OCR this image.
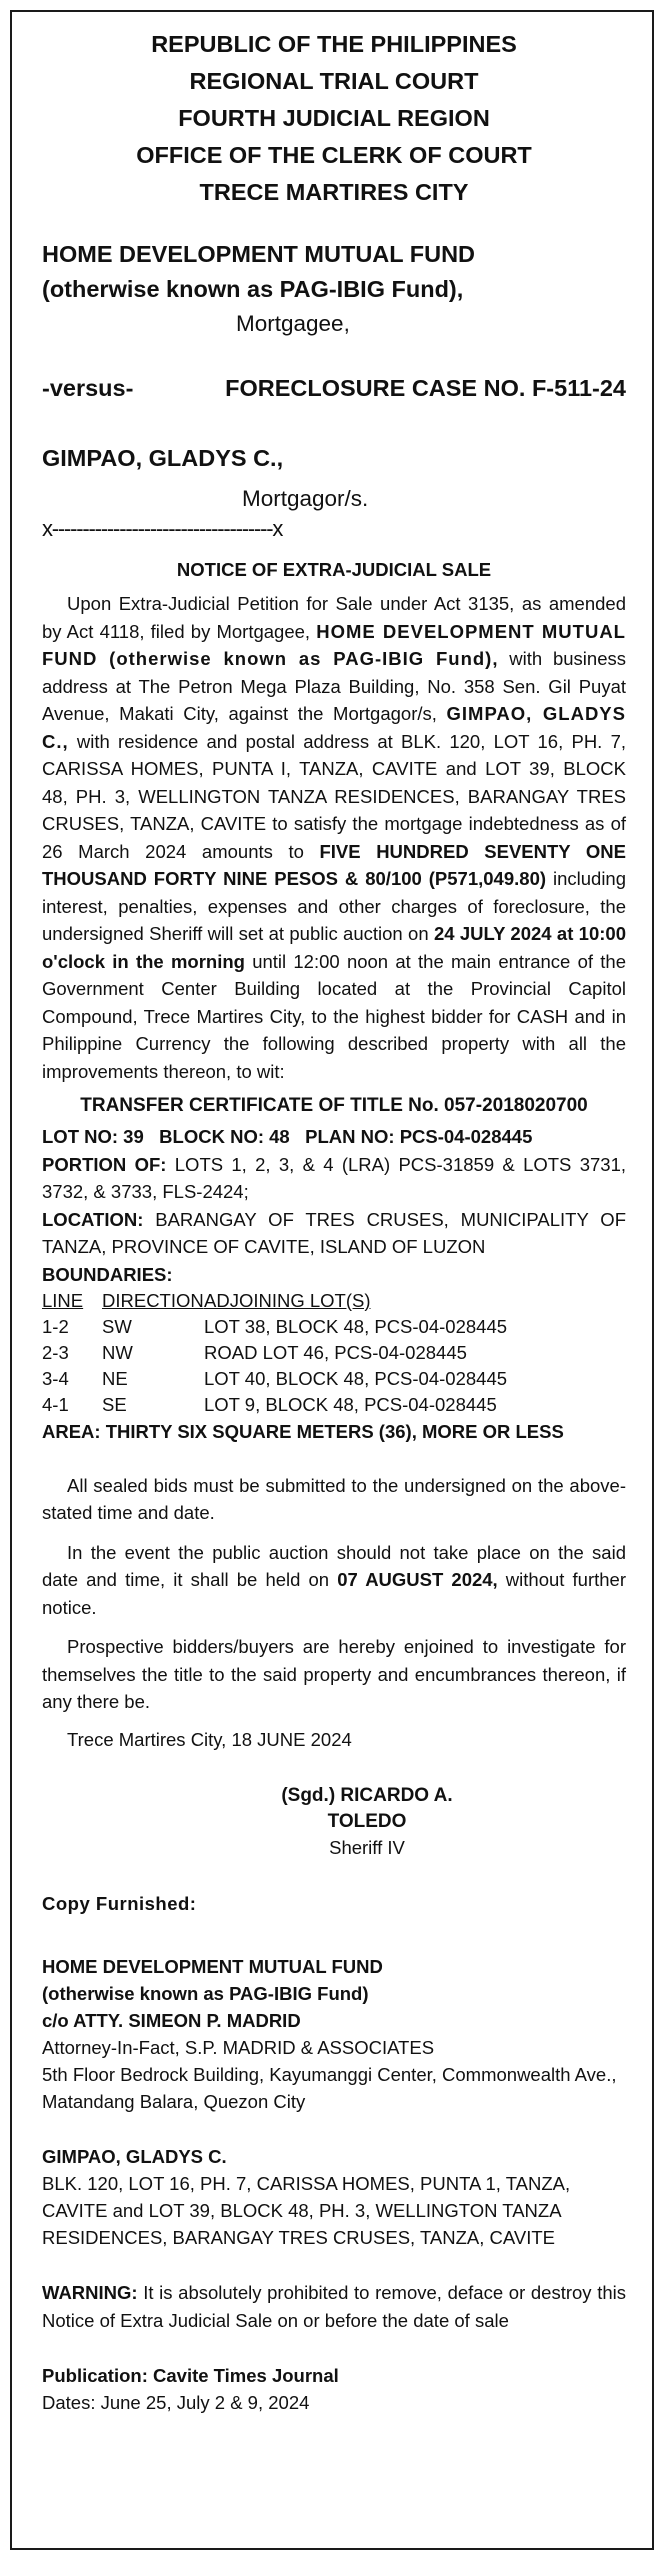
REPUBLIC OF THE PHILIPPINES
REGIONAL TRIAL COURT
FOURTH JUDICIAL REGION
OFFICE OF THE CLERK OF COURT
TRECE MARTIRES CITY
HOME DEVELOPMENT MUTUAL FUND
(otherwise known as PAG-IBIG Fund),
Mortgagee,
-versus-	FORECLOSURE CASE NO. F-511-24
GIMPAO, GLADYS C.,
Mortgagor/s.
x------------------------------------x
NOTICE OF EXTRA-JUDICIAL SALE
Upon Extra-Judicial Petition for Sale under Act 3135, as amended by Act 4118, filed by Mortgagee, HOME DEVELOPMENT MUTUAL FUND (otherwise known as PAG-IBIG Fund), with business address at The Petron Mega Plaza Building, No. 358 Sen. Gil Puyat Avenue, Makati City, against the Mortgagor/s, GIMPAO, GLADYS C., with residence and postal address at BLK. 120, LOT 16, PH. 7, CARISSA HOMES, PUNTA I, TANZA, CAVITE and LOT 39, BLOCK 48, PH. 3, WELLINGTON TANZA RESIDENCES, BARANGAY TRES CRUSES, TANZA, CAVITE to satisfy the mortgage indebtedness as of 26 March 2024 amounts to FIVE HUNDRED SEVENTY ONE THOUSAND FORTY NINE PESOS & 80/100 (P571,049.80) including interest, penalties, expenses and other charges of foreclosure, the undersigned Sheriff will set at public auction on 24 JULY 2024 at 10:00 o'clock in the morning until 12:00 noon at the main entrance of the Government Center Building located at the Provincial Capitol Compound, Trece Martires City, to the highest bidder for CASH and in Philippine Currency the following described property with all the improvements thereon, to wit:
TRANSFER CERTIFICATE OF TITLE No. 057-2018020700
LOT NO: 39   BLOCK NO: 48   PLAN NO: PCS-04-028445
PORTION OF: LOTS 1, 2, 3, & 4 (LRA) PCS-31859 & LOTS 3731, 3732, & 3733, FLS-2424;
LOCATION: BARANGAY OF TRES CRUSES, MUNICIPALITY OF TANZA, PROVINCE OF CAVITE, ISLAND OF LUZON
BOUNDARIES:
LINE	DIRECTION	ADJOINING LOT(S)
1-2	SW	LOT 38, BLOCK 48, PCS-04-028445
2-3	NW	ROAD LOT 46, PCS-04-028445
3-4	NE	LOT 40, BLOCK 48, PCS-04-028445
4-1	SE	LOT 9, BLOCK 48, PCS-04-028445
AREA: THIRTY SIX SQUARE METERS (36), MORE OR LESS
All sealed bids must be submitted to the undersigned on the above-stated time and date.
In the event the public auction should not take place on the said date and time, it shall be held on 07 AUGUST 2024, without further notice.
Prospective bidders/buyers are hereby enjoined to investigate for themselves the title to the said property and encumbrances thereon, if any there be.
Trece Martires City, 18 JUNE 2024
(Sgd.) RICARDO A. TOLEDO
Sheriff IV
Copy Furnished:
HOME DEVELOPMENT MUTUAL FUND
(otherwise known as PAG-IBIG Fund)
c/o ATTY. SIMEON P. MADRID
Attorney-In-Fact, S.P. MADRID & ASSOCIATES
5th Floor Bedrock Building, Kayumanggi Center, Commonwealth Ave., Matandang Balara, Quezon City
GIMPAO, GLADYS C.
BLK. 120, LOT 16, PH. 7, CARISSA HOMES, PUNTA 1, TANZA, CAVITE and LOT 39, BLOCK 48, PH. 3, WELLINGTON TANZA RESIDENCES, BARANGAY TRES CRUSES, TANZA, CAVITE
WARNING: It is absolutely prohibited to remove, deface or destroy this Notice of Extra Judicial Sale on or before the date of sale
Publication: Cavite Times Journal
Dates: June 25, July 2 & 9, 2024
